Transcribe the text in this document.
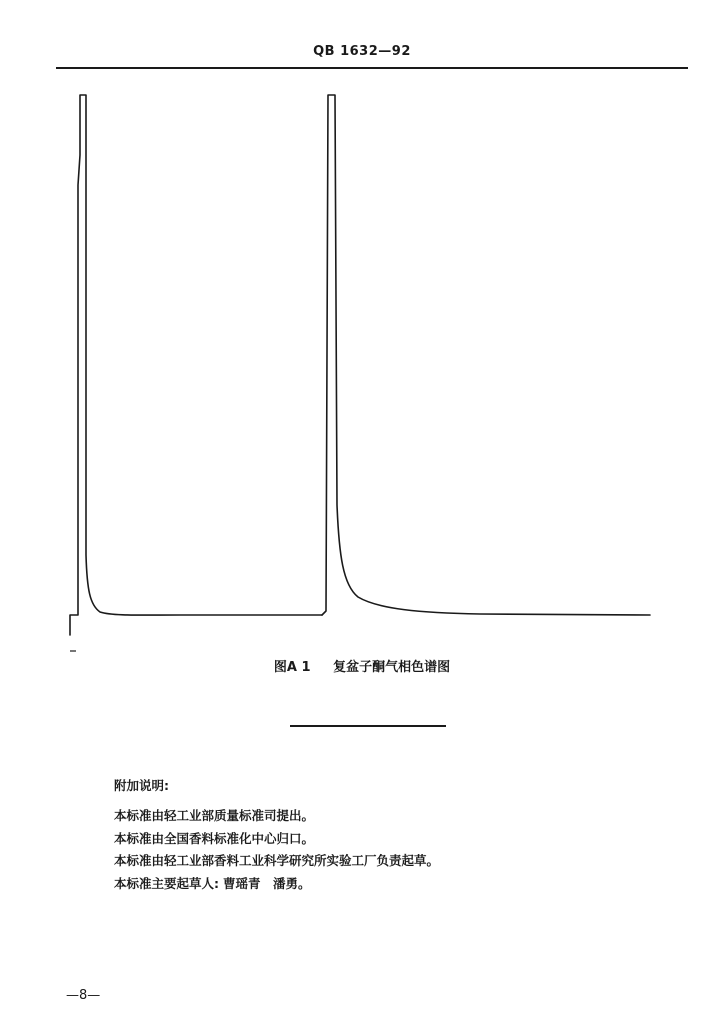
QB 1632—92
图A 1 复盆子酮气相色谱图
附加说明:
本标准由轻工业部质量标准司提出。
本标准由全国香料标准化中心归口。
本标准由轻工业部香料工业科学研究所实验工厂负责起草。
本标准主要起草人: 曹瑶青　潘勇。
—8—
